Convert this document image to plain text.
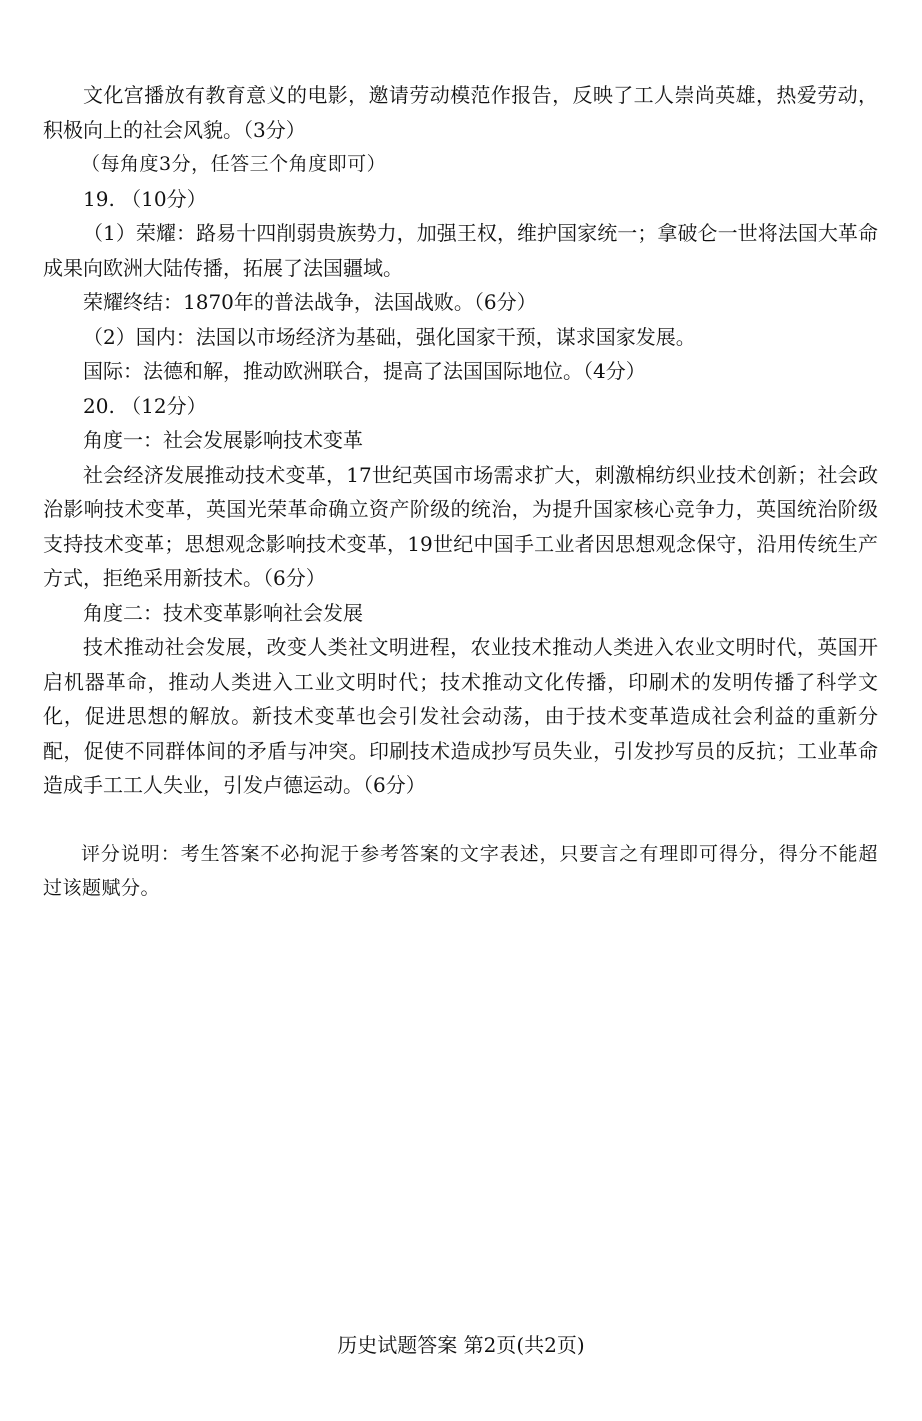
文化宫播放有教育意义的电影，邀请劳动模范作报告，反映了工人崇尚英雄，热爱劳动，积极向上的社会风貌。（3分）

（每角度3分，任答三个角度即可）

19. （10分）

（1）荣耀：路易十四削弱贵族势力，加强王权，维护国家统一；拿破仑一世将法国大革命成果向欧洲大陆传播，拓展了法国疆域。

荣耀终结：1870年的普法战争，法国战败。（6分）

（2）国内：法国以市场经济为基础，强化国家干预，谋求国家发展。

国际：法德和解，推动欧洲联合，提高了法国国际地位。（4分）

20. （12分）

角度一：社会发展影响技术变革

社会经济发展推动技术变革，17世纪英国市场需求扩大，刺激棉纺织业技术创新；社会政治影响技术变革，英国光荣革命确立资产阶级的统治，为提升国家核心竞争力，英国统治阶级支持技术变革；思想观念影响技术变革，19世纪中国手工业者因思想观念保守，沿用传统生产方式，拒绝采用新技术。（6分）

角度二：技术变革影响社会发展

技术推动社会发展，改变人类社文明进程，农业技术推动人类进入农业文明时代，英国开启机器革命，推动人类进入工业文明时代；技术推动文化传播，印刷术的发明传播了科学文化，促进思想的解放。新技术变革也会引发社会动荡，由于技术变革造成社会利益的重新分配，促使不同群体间的矛盾与冲突。印刷技术造成抄写员失业，引发抄写员的反抗；工业革命造成手工工人失业，引发卢德运动。（6分）

评分说明：考生答案不必拘泥于参考答案的文字表述，只要言之有理即可得分，得分不能超过该题赋分。

历史试题答案 第2页(共2页)
